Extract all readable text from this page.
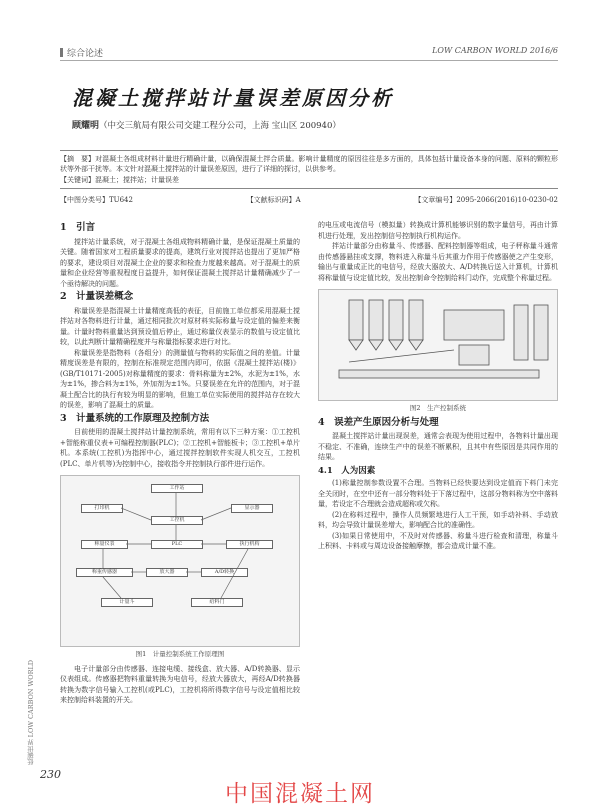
综合论述	LOW CARBON WORLD 2016/6
混凝土搅拌站计量误差原因分析
顾耀明（中交三航局有限公司交建工程分公司，上海 宝山区 200940）
【摘　要】对混凝土各组成材料计量进行精确计量，以确保混凝土拌合质量。影响计量精度的原因往往是多方面的，具体包括计量设备本身的问题、原料的颗粒形状等外部干扰等。本文针对混凝土搅拌站的计量误差原因，进行了详细的探讨，以供参考。
【关键词】混凝土；搅拌站；计量误差
【中图分类号】TU642	【文献标识码】A	【文章编号】2095-2066(2016)10-0230-02
1　引言

搅拌站计量系统，对于混凝土各组成物料精确计量，是保证混凝土质量的关键。随着国家对工程质量要求的提高，建筑行业对搅拌站也提出了更加严格的要求，建设项目对混凝土企业的要求和检查力度越来越高。对于混凝土的质量和企业经营等重视程度日益提升，如何保证混凝土搅拌站计量精确减少了一个亟待解决的问题。

2　计量误差概念

称量误差是指混凝土计量精度高低的表征，目前施工单位都采用混凝土搅拌站对各物料进行计量，通过相同批次对原材料实际称量与设定值的偏差来衡量。计量时物料重量达到预设值后停止，通过称量仪表显示的数值与设定值比较，以此判断计量精确程度并与称量指标要求进行对比。

称量误差是指物料（各组分）的测量值与物料的实际值之间的差值。计量精度误差是有限的，控制在标准规定范围内即可，依据《混凝土搅拌站(楼)》(GB/T10171-2005)对称量精度的要求：骨料称量为±2%，水泥为±1%，水为±1%，掺合料为±1%，外加剂为±1%。只要误差在允许的范围内，对于混凝土配合比的执行有较为明显的影响，但施工单位实际使用的搅拌站存在较大的误差，影响了混凝土的质量。

3　计量系统的工作原理及控制方法

目前使用的混凝土搅拌站计量控制系统，常用有以下三种方案：①工控机+智能称重仪表+可编程控制器(PLC)；②工控机+智能板卡；③工控机+单片机。本系统(工控机)为指挥中心，通过搅拌控制软件实现人机交互，工控机(PLC、单片机等)为控制中心，接收指令并控制执行部件进行运作。

工作站
打印机	显示器
工控机
PLC
称量仪表
称重传感器	放大器	A/D转换
执行机构
计量斗	给料门
图1　计量控制系统工作原理图

电子计量部分由传感器、连接电缆、接线盒、放大器、A/D转换器、显示仪表组成。传感器把物料重量转换为电信号，经放大器放大，再经A/D转换器转换为数字信号输入工控机(或PLC)，工控机将所得数字信号与设定值相比较来控制给料装置的开关。

的电压或电流信号（模拟量）转换成计算机能够识别的数字量信号，再由计算机进行处理，发出控制信号控制执行机构运作。

拌站计量部分由称量斗、传感器、配料控制器等组成，电子秤称量斗通常由传感器悬挂或支撑，物料进入称量斗后其重力作用于传感器使之产生变形，输出与重量成正比的电信号，经放大器放大、A/D转换后送入计算机，计算机将称量值与设定值比较，发出控制命令控制给料门动作，完成整个称量过程。

图2　生产控制系统
4　误差产生原因分析与处理

混凝土搅拌站计量出现误差，通常会表现为使用过程中，各物料计量出现不稳定、不准确，连续生产中的误差不断累积，且其中有些原因是共同作用的结果。

4.1　人为因素

(1)称量控制参数设置不合理。当物料已经快要达到设定值而下料门未完全关闭时，在空中还有一部分物料处于下落过程中，这部分物料称为空中落料量，若设定不合理就会造成超称或欠称。

(2)在称料过程中，操作人员频繁地进行人工干预，如手动补料、手动放料，均会导致计量误差增大，影响配合比的准确性。

(3)如果日常使用中，不及时对传感器、称量斗进行检查和清理，称量斗上积料、卡料或与周边设备接触摩擦，都会造成计量不准。

低碳世界 LOW CARBON WORLD
230
中国混凝土网
